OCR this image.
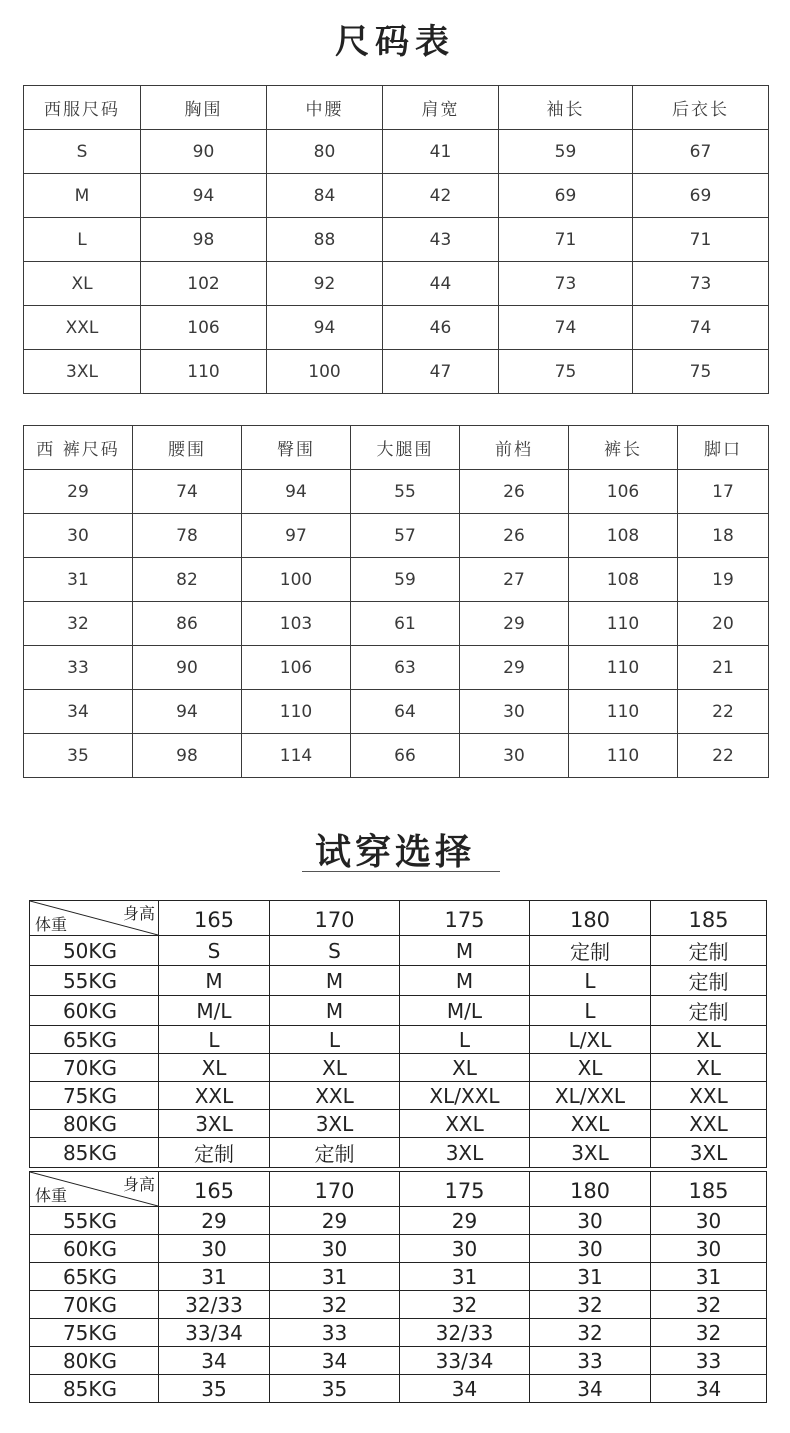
尺码表
西服尺码	胸围	中腰	肩宽	袖长	后衣长
S	90	80	41	59	67
M	94	84	42	69	69
L	98	88	43	71	71
XL	102	92	44	73	73
XXL	106	94	46	74	74
3XL	110	100	47	75	75
西 裤尺码	腰围	臀围	大腿围	前档	裤长	脚口
29	74	94	55	26	106	17
30	78	97	57	26	108	18
31	82	100	59	27	108	19
32	86	103	61	29	110	20
33	90	106	63	29	110	21
34	94	110	64	30	110	22
35	98	114	66	30	110	22
试穿选择
身高
体重	165	170	175	180	185
50KG	S	S	M	定制	定制
55KG	M	M	M	L	定制
60KG	M/L	M	M/L	L	定制
65KG	L	L	L	L/XL	XL
70KG	XL	XL	XL	XL	XL
75KG	XXL	XXL	XL/XXL	XL/XXL	XXL
80KG	3XL	3XL	XXL	XXL	XXL
85KG	定制	定制	3XL	3XL	3XL
身高
体重	165	170	175	180	185
55KG	29	29	29	30	30
60KG	30	30	30	30	30
65KG	31	31	31	31	31
70KG	32/33	32	32	32	32
75KG	33/34	33	32/33	32	32
80KG	34	34	33/34	33	33
85KG	35	35	34	34	34
